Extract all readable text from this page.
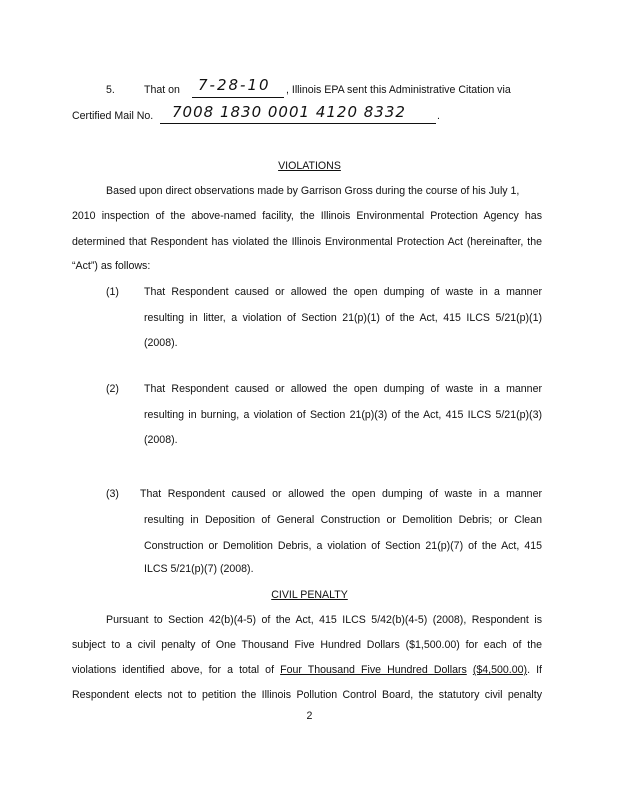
5.	That on 7-28-10 , Illinois EPA sent this Administrative Citation via
Certified Mail No. 7008 1830 0001 4120 8332	.
VIOLATIONS
Based upon direct observations made by Garrison Gross during the course of his July 1,
2010 inspection of the above-named facility, the Illinois Environmental Protection Agency has
determined that Respondent has violated the Illinois Environmental Protection Act (hereinafter, the
“Act”) as follows:
(1) That Respondent caused or allowed the open dumping of waste in a manner
resulting in litter, a violation of Section 21(p)(1) of the Act, 415 ILCS 5/21(p)(1)
(2008).
(2) That Respondent caused or allowed the open dumping of waste in a manner
resulting in burning, a violation of Section 21(p)(3) of the Act, 415 ILCS 5/21(p)(3)
(2008).
(3) That Respondent caused or allowed the open dumping of waste in a manner
resulting in Deposition of General Construction or Demolition Debris; or Clean
Construction or Demolition Debris, a violation of Section 21(p)(7) of the Act, 415
ILCS 5/21(p)(7) (2008).
CIVIL PENALTY
Pursuant to Section 42(b)(4-5) of the Act, 415 ILCS 5/42(b)(4-5) (2008), Respondent is
subject to a civil penalty of One Thousand Five Hundred Dollars ($1,500.00) for each of the
violations identified above, for a total of Four Thousand Five Hundred Dollars ($4,500.00). If
Respondent elects not to petition the Illinois Pollution Control Board, the statutory civil penalty
2
